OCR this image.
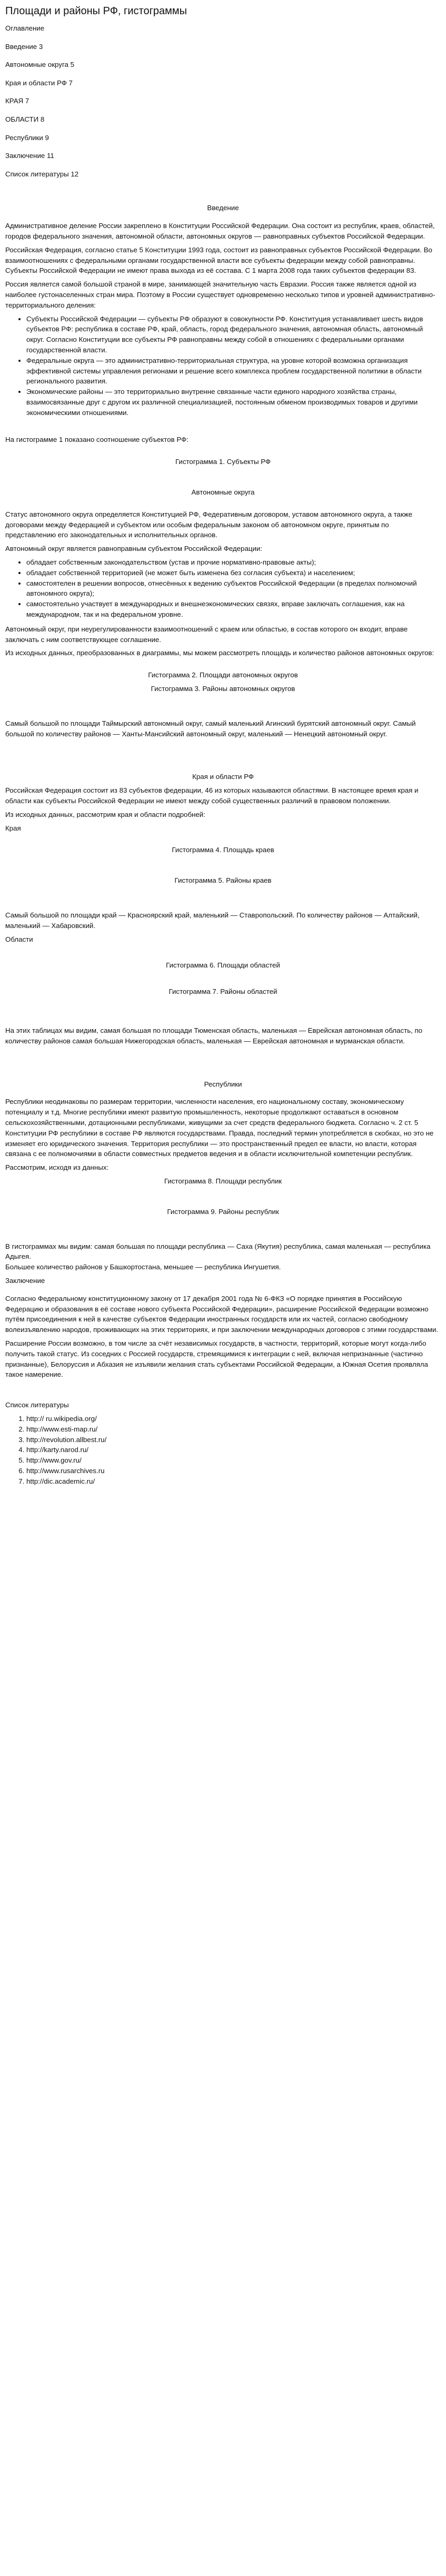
Площади и районы РФ, гистограммы

Оглавление

Введение 3

Автономные округа 5

Края и области РФ 7

КРАЯ 7

ОБЛАСТИ 8

Республики 9

Заключение 11

Список литературы 12

Введение

Административное деление России закреплено в Конституции Российской Федерации. Она состоит из республик, краев, областей, городов федерального значения, автономной области, автономных округов — равноправных субъектов Российской Федерации.

Российская Федерация, согласно статье 5 Конституции 1993 года, состоит из равноправных субъектов Российской Федерации. Во взаимоотношениях с федеральными органами государственной власти все субъекты федерации между собой равноправны. Субъекты Российской Федерации не имеют права выхода из её состава. С 1 марта 2008 года таких субъектов федерации 83.

Россия является самой большой страной в мире, занимающей значительную часть Евразии. Россия также является одной из наиболее густонаселенных стран мира. Поэтому в России существует одновременно несколько типов и уровней административно-территориального деления:

• Субъекты Российской Федерации — субъекты РФ образуют в совокупности РФ. Конституция устанавливает шесть видов субъектов РФ: республика в составе РФ, край, область, город федерального значения, автономная область, автономный округ. Согласно Конституции все субъекты РФ равноправны между собой в отношениях с федеральными органами государственной власти.
• Федеральные округа — это административно-территориальная структура, на уровне которой возможна организация эффективной системы управления регионами и решение всего комплекса проблем государственной политики в области регионального развития.
• Экономические районы — это территориально внутренне связанные части единого народного хозяйства страны, взаимосвязанные друг с другом их различной специализацией, постоянным обменом производимых товаров и другими экономическими отношениями.

На гистограмме 1 показано соотношение субъектов РФ:

Гистограмма 1. Субъекты РФ

Автономные округа

Статус автономного округа определяется Конституцией РФ, Федеративным договором, уставом автономного округа, а также договорами между Федерацией и субъектом или особым федеральным законом об автономном округе, принятым по представлению его законодательных и исполнительных органов.

Автономный округ является равноправным субъектом Российской Федерации:

• обладает собственным законодательством (устав и прочие нормативно-правовые акты);
• обладает собственной территорией (не может быть изменена без согласия субъекта) и населением;
• самостоятелен в решении вопросов, отнесённых к ведению субъектов Российской Федерации (в пределах полномочий автономного округа);
• самостоятельно участвует в международных и внешнеэкономических связях, вправе заключать соглашения, как на международном, так и на федеральном уровне.

Автономный округ, при неурегулированности взаимоотношений с краем или областью, в состав которого он входит, вправе заключать с ним соответствующее соглашение.

Из исходных данных, преобразованных в диаграммы, мы можем рассмотреть площадь и количество районов автономных округов:

Гистограмма 2. Площади автономных округов

Гистограмма 3. Районы автономных округов

Самый большой по площади Таймырский автономный округ, самый маленький Агинский бурятский автономный округ. Самый большой по количеству районов — Ханты-Мансийский автономный округ, маленький — Ненецкий автономный округ.

Края и области РФ

Российская Федерация состоит из 83 субъектов федерации, 46 из которых называются областями. В настоящее время края и области как субъекты Российской Федерации не имеют между собой существенных различий в правовом положении.

Из исходных данных, рассмотрим края и области подробней:

Края

Гистограмма 4. Площадь краев

Гистограмма 5. Районы краев

Самый большой по площади край — Красноярский край, маленький — Ставропольский. По количеству районов — Алтайский, маленький — Хабаровский.

Области

Гистограмма 6. Площади областей

Гистограмма 7. Районы областей

На этих таблицах мы видим, самая большая по площади Тюменская область, маленькая — Еврейская автономная область, по количеству районов самая большая Нижегородская область, маленькая — Еврейская автономная и мурманская области.

Республики

Республики неодинаковы по размерам территории, численности населения, его национальному составу, экономическому потенциалу и т.д. Многие республики имеют развитую промышленность, некоторые продолжают оставаться в основном сельскохозяйственными, дотационными республиками, живущими за счет средств федерального бюджета. Согласно ч. 2 ст. 5 Конституции РФ республики в составе РФ являются государствами. Правда, последний термин употребляется в скобках, но это не изменяет его юридического значения. Территория республики — это пространственный предел ее власти, но власти, которая связана с ее полномочиями в области совместных предметов ведения и в области исключительной компетенции республик.

Рассмотрим, исходя из данных:

Гистограмма 8. Площади республик

Гистограмма 9. Районы республик

В гистограммах мы видим: самая большая по площади республика — Саха (Якутия) республика, самая маленькая — республика Адыгея.

Большее количество районов у Башкортостана, меньшее — республика Ингушетия.

Заключение

Согласно Федеральному конституционному закону от 17 декабря 2001 года № 6-ФКЗ «О порядке принятия в Российскую Федерацию и образования в её составе нового субъекта Российской Федерации», расширение Российской Федерации возможно путём присоединения к ней в качестве субъектов Федерации иностранных государств или их частей, согласно свободному волеизъявлению народов, проживающих на этих территориях, и при заключении международных договоров с этими государствами.

Расширение России возможно, в том числе за счёт независимых государств, в частности, территорий, которые могут когда-либо получить такой статус. Из соседних с Россией государств, стремящимися к интеграции с ней, включая непризнанные (частично признанные), Белоруссия и Абхазия не изъявили желания стать субъектами Российской Федерации, а Южная Осетия проявляла такое намерение.

Список литературы

1. http:// ru.wikipedia.org/
2. http://www.esti-map.ru/
3. http://revolution.allbest.ru/
4. http://karty.narod.ru/
5. http://www.gov.ru/
6. http://www.rusarchives.ru
7. http://dic.academic.ru/
